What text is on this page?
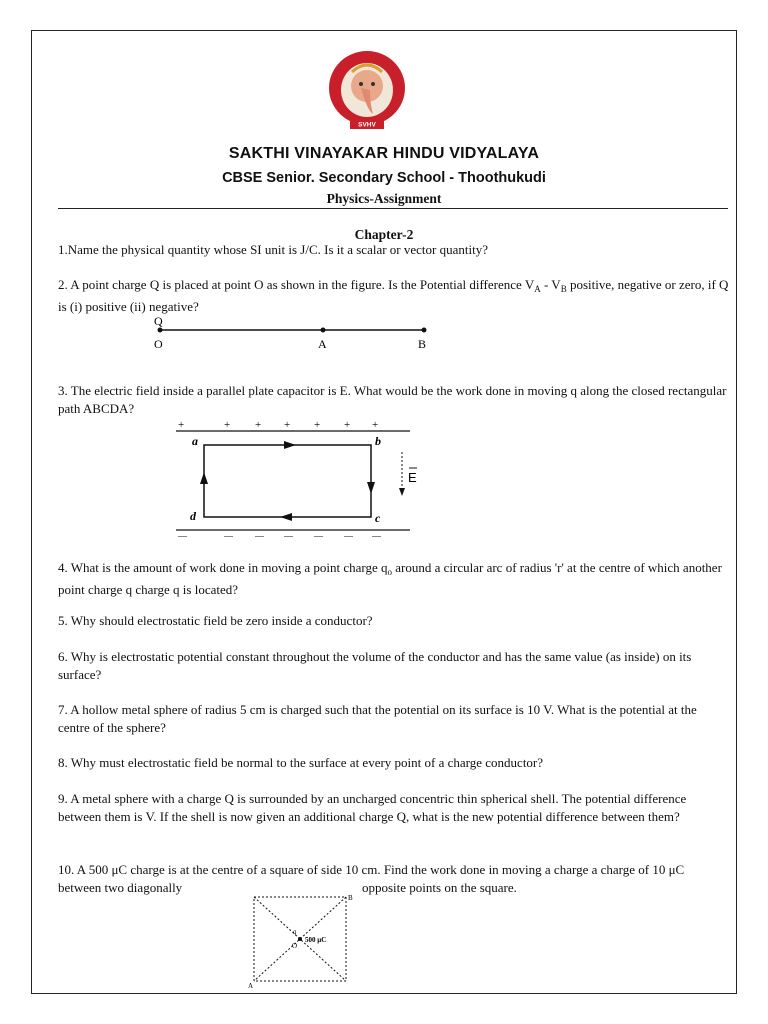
SVHV
SAKTHI VINAYAKAR HINDU VIDYALAYA
CBSE Senior. Secondary School - Thoothukudi
Physics-Assignment
Chapter-2
1.Name the physical quantity whose SI unit is J/C. Is it a scalar or vector quantity?
2. A point charge Q is placed at point O as shown in the figure. Is the Potential difference $V_A - V_B$ positive, negative or zero, if Q is (i) positive (ii) negative?
Q
O	A	B
3. The electric field inside a parallel plate capacitor is E. What would be the work done in moving q along the closed rectangular path ABCDA?
+	+ + + + + +
a	b
c
d
E
—	— — — — — —
4. What is the amount of work done in moving a point charge $q_o$ around a circular arc of radius 'r' at the centre of which another point charge q charge q is located?
5. Why should electrostatic field be zero inside a conductor?
6. Why is electrostatic potential constant throughout the volume of the conductor and has the same value (as inside) on its surface?
7. A hollow metal sphere of radius 5 cm is charged such that the potential on its surface is 10 V. What is the potential at the centre of the sphere?
8. Why must electrostatic field be normal to the surface at every point of a charge conductor?
9. A metal sphere with a charge Q is surrounded by an uncharged concentric thin spherical shell. The potential difference between them is V. If the shell is now given an additional charge Q, what is the new potential difference between them?
10. A 500 μC charge is at the centre of a square of side 10 cm. Find the work done in moving a charge a charge of 10 μC between two diagonally	opposite points on the square.
q
O
500 μC
B
A
